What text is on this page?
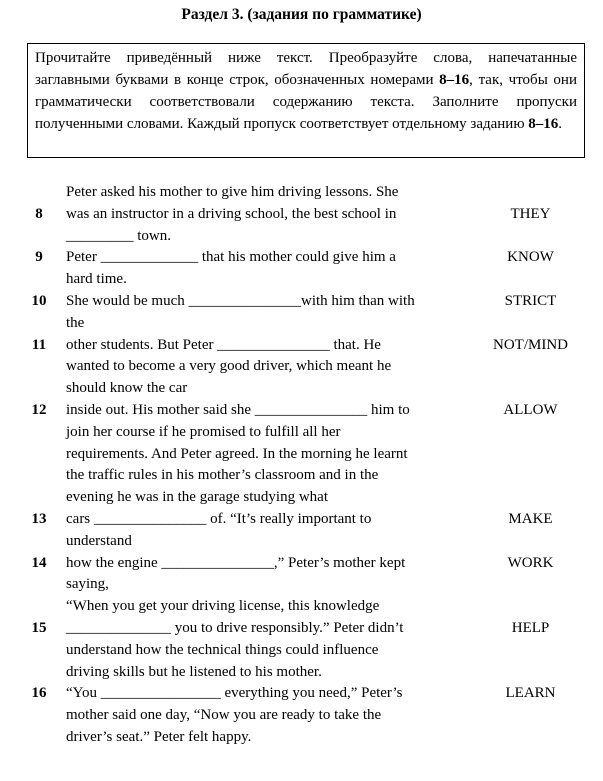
Раздел 3. (задания по грамматике)
Прочитайте приведённый ниже текст. Преобразуйте слова, напечатанные заглавными буквами в конце строк, обозначенных номерами 8–16, так, чтобы они грамматически соответствовали содержанию текста. Заполните пропуски полученными словами. Каждый пропуск соответствует отдельному заданию 8–16.
Peter asked his mother to give him driving lessons. She
8	was an instructor in a driving school, the best school in
_________ town.
THEY
9	Peter _____________ that his mother could give him a
hard time.
KNOW
10	She would be much _______________with him than with
the
STRICT
11	other students. But Peter _______________ that. He
wanted to become a very good driver, which meant he
should know the car
NOT/MIND
12	inside out. His mother said she _______________ him to
join her course if he promised to fulfill all her
requirements. And Peter agreed. In the morning he learnt
the traffic rules in his mother’s classroom and in the
evening he was in the garage studying what
ALLOW
13	cars _______________ of. “It’s really important to
understand
MAKE
14	how the engine _______________,” Peter’s mother kept
saying,
WORK
“When you get your driving license, this knowledge
15	______________ you to drive responsibly.” Peter didn’t
understand how the technical things could influence
driving skills but he listened to his mother.
HELP
16	“You ________________ everything you need,” Peter’s
mother said one day, “Now you are ready to take the
driver’s seat.” Peter felt happy.
LEARN
